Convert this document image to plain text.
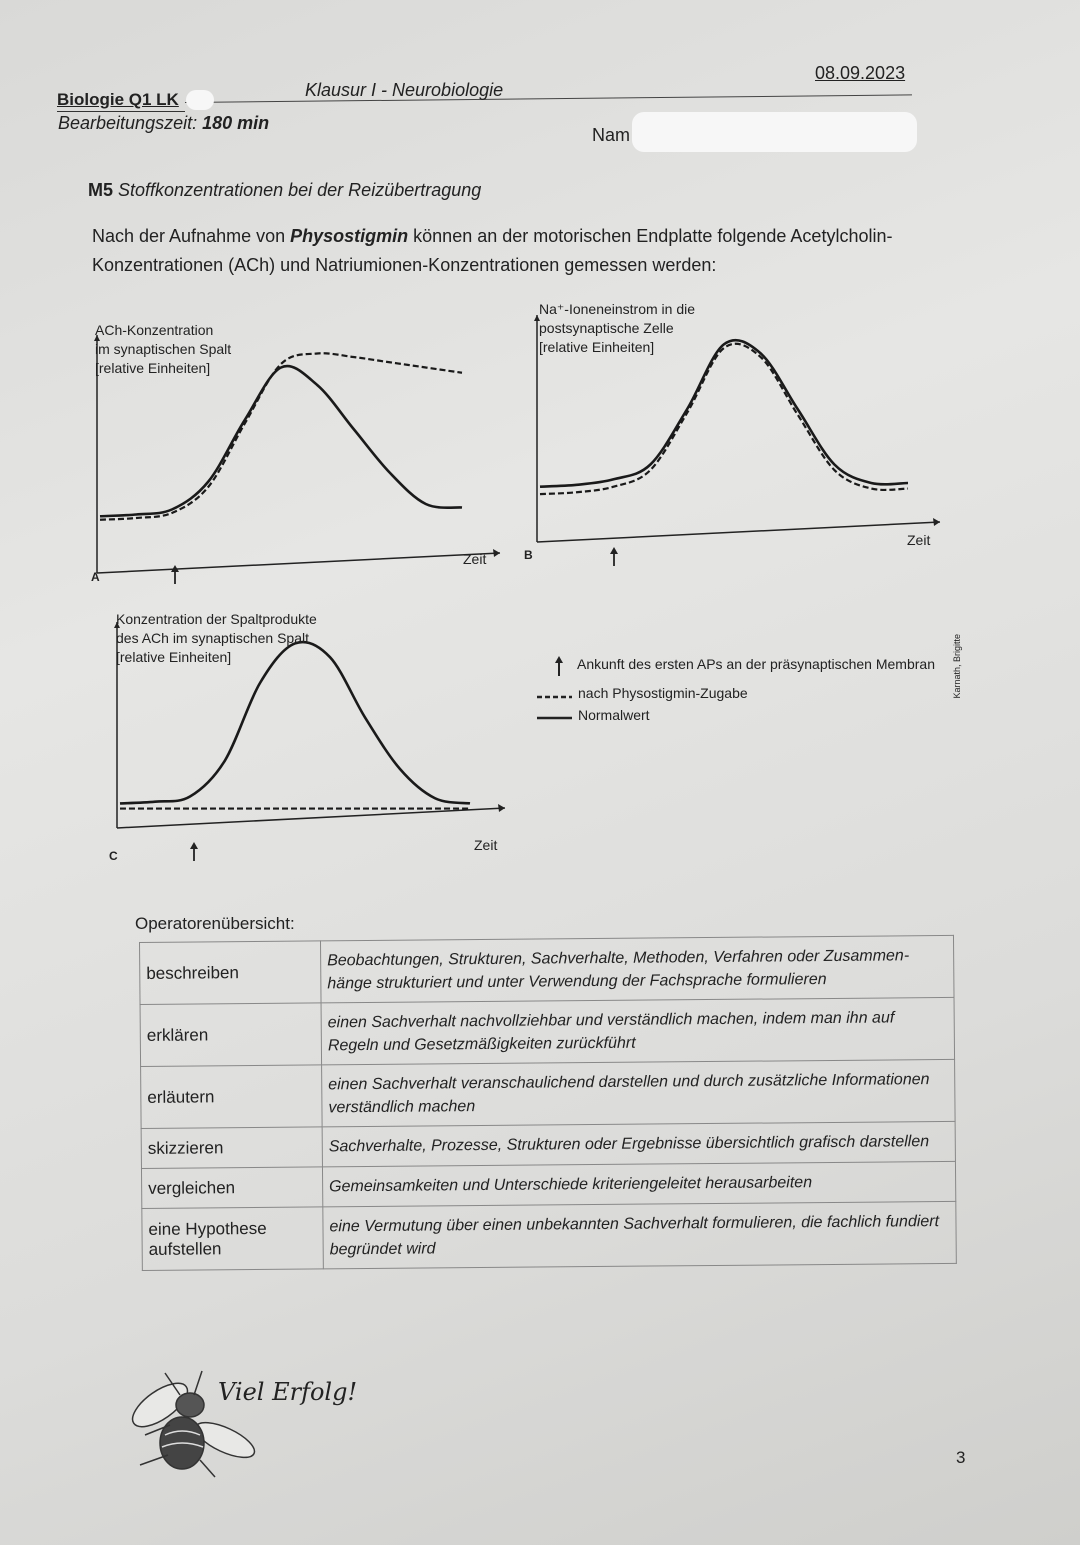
Biologie Q1 LK
Bearbeitungszeit: 180 min
Klausur I - Neurobiologie
08.09.2023
Nam
M5 Stoffkonzentrationen bei der Reizübertragung
Nach der Aufnahme von Physostigmin können an der motorischen Endplatte folgende Acetylcholin-Konzentrationen (ACh) und Natriumionen-Konzentrationen gemessen werden:
ACh-Konzentration
im synaptischen Spalt
[relative Einheiten]
Zeit
A
Na⁺-Ioneneinstrom in die
postsynaptische Zelle
[relative Einheiten]
Zeit
B
Konzentration der Spaltprodukte
des ACh im synaptischen Spalt
[relative Einheiten]
Zeit
C
Ankunft des ersten APs an der präsynaptischen Membran
nach Physostigmin-Zugabe
Normalwert
Karnath, Brigitte
Operatorenübersicht:
beschreiben	Beobachtungen, Strukturen, Sachverhalte, Methoden, Verfahren oder Zusammen-hänge strukturiert und unter Verwendung der Fachsprache formulieren
erklären	einen Sachverhalt nachvollziehbar und verständlich machen, indem man ihn auf Regeln und Gesetzmäßigkeiten zurückführt
erläutern	einen Sachverhalt veranschaulichend darstellen und durch zusätzliche Informationen verständlich machen
skizzieren	Sachverhalte, Prozesse, Strukturen oder Ergebnisse übersichtlich grafisch darstellen
vergleichen	Gemeinsamkeiten und Unterschiede kriteriengeleitet herausarbeiten
eine Hypothese aufstellen	eine Vermutung über einen unbekannten Sachverhalt formulieren, die fachlich fundiert begründet wird
Viel Erfolg!
3
